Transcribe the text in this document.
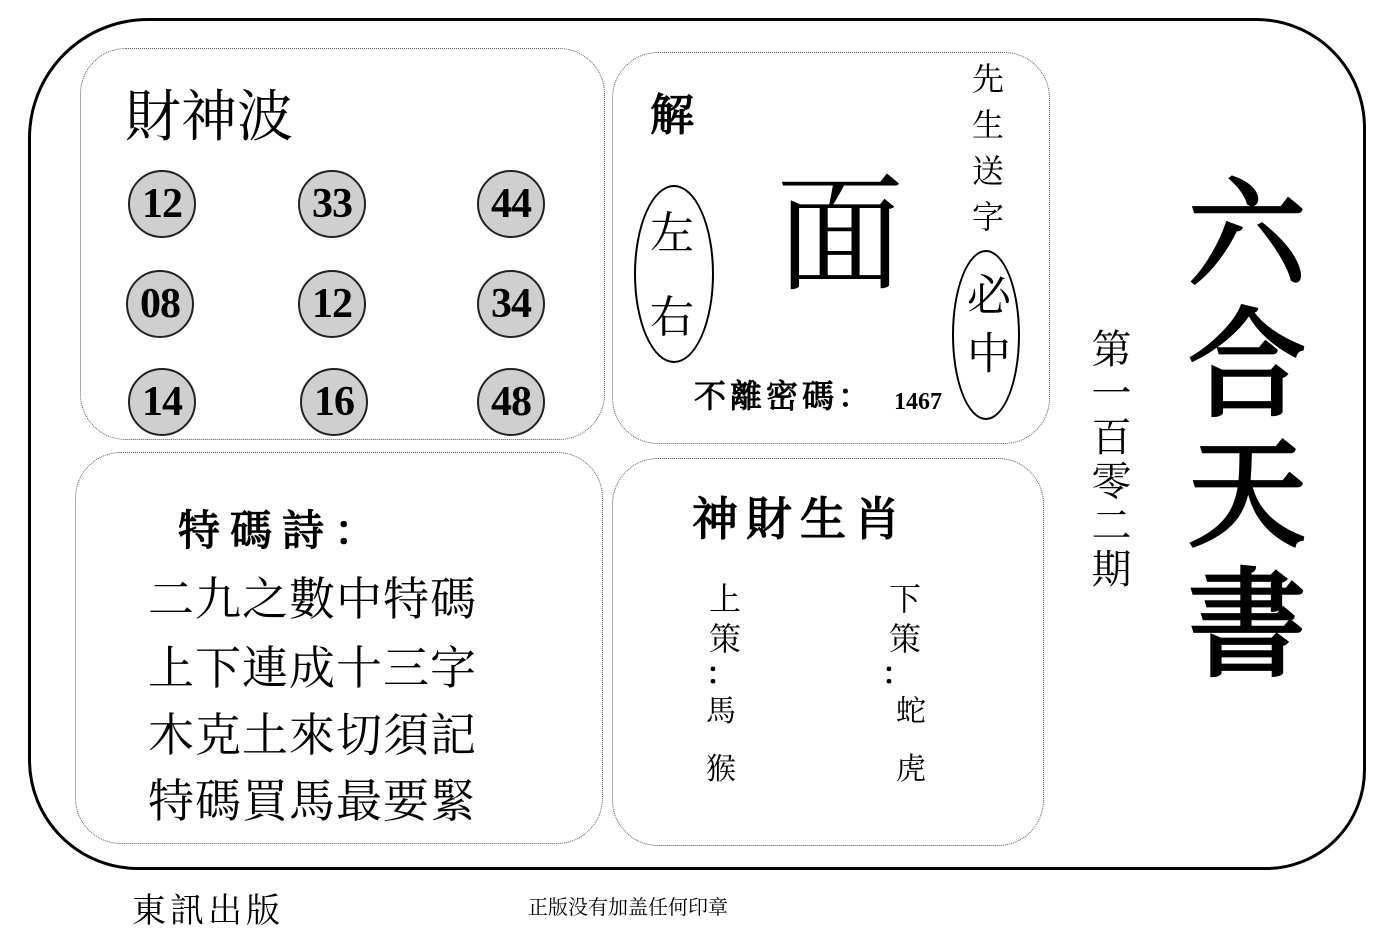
財神波
12	33	44
08	12	34
14	16	48
解
左
右
面 先生送字
必中
不離密碼： 1467
特碼詩：
二九之數中特碼
上下連成十三字
木克土來切須記
特碼買馬最要緊
神財生肖
上策
：
馬
猴
下策
：
蛇
虎
第一百零二期 六合天書
東訊出版	正版没有加盖任何印章
